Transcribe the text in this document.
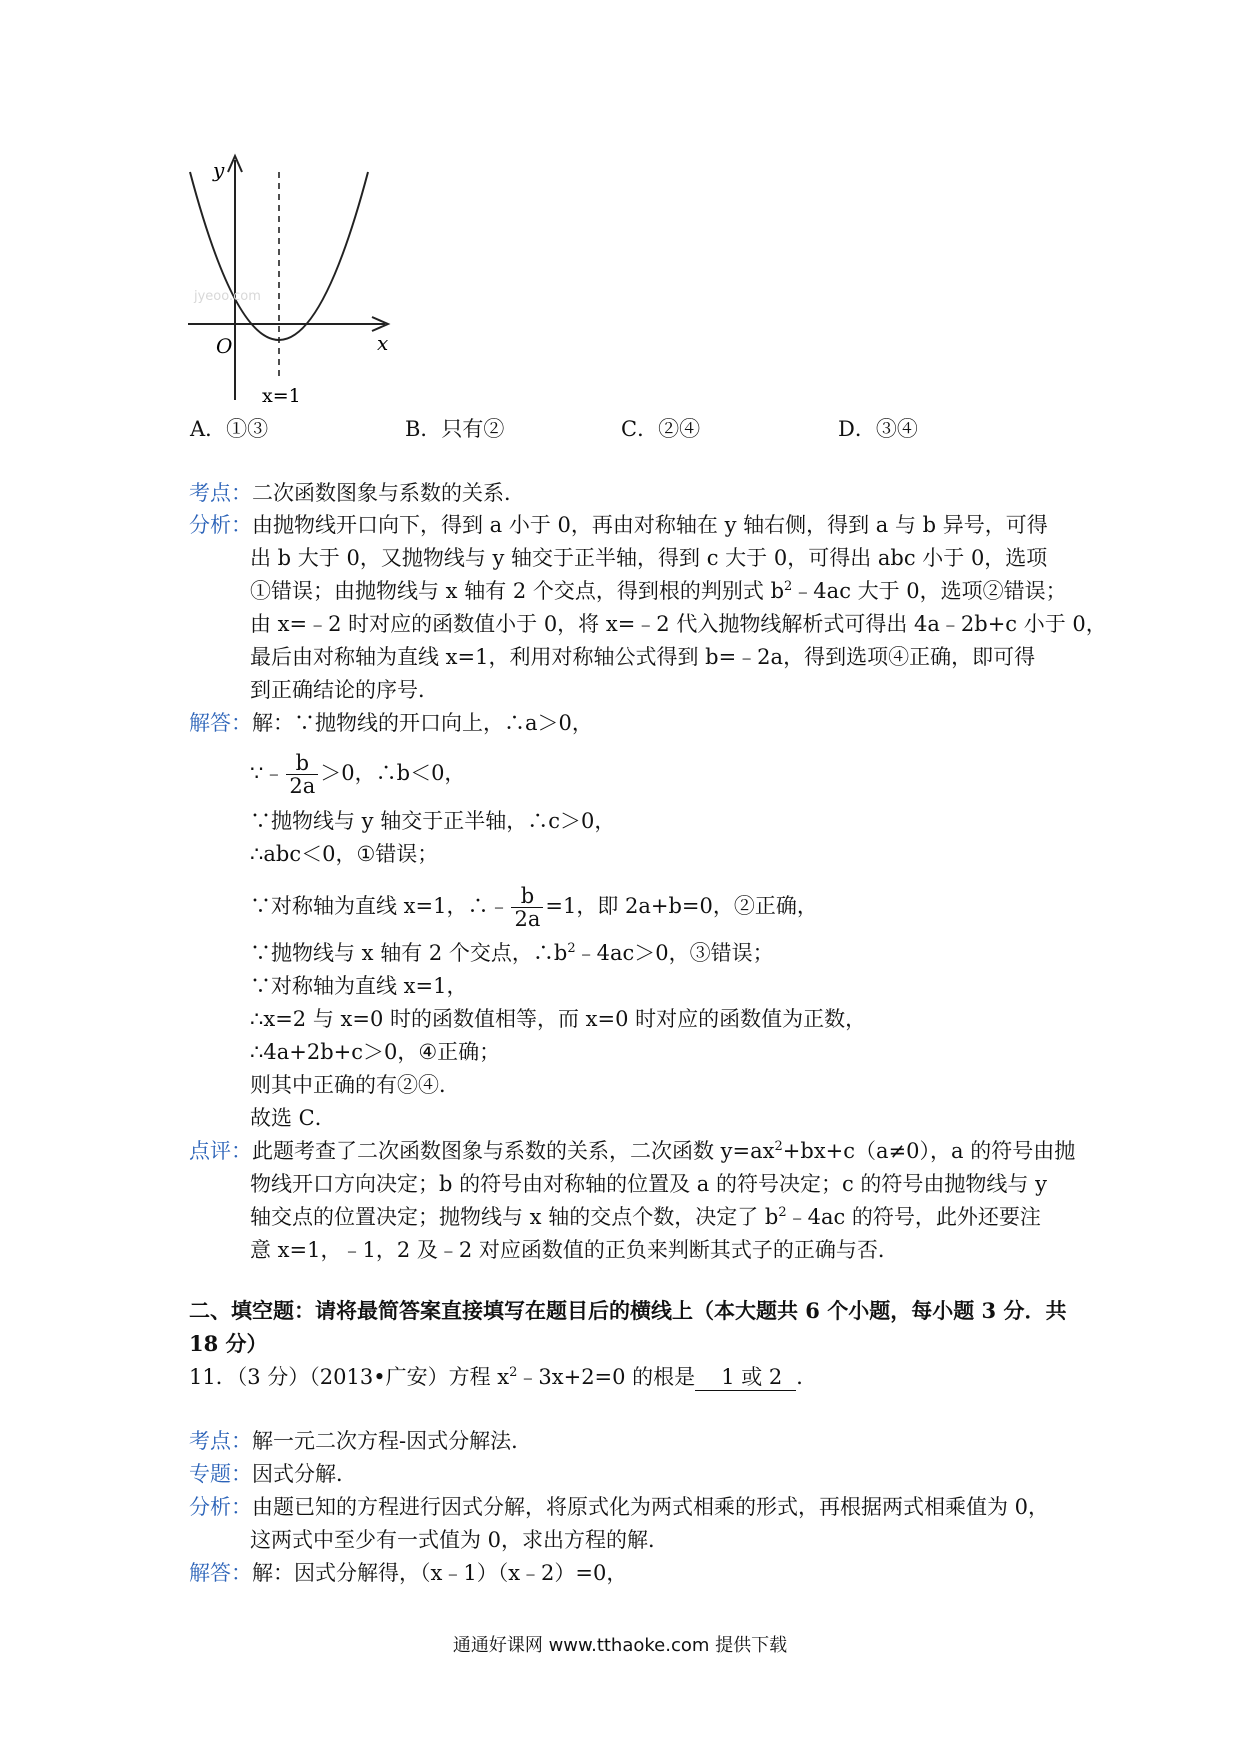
y
x
O
jyeoo.com
x=1
A．①③	B．只有②	C．②④	D．③④
考点：二次函数图象与系数的关系．
分析：由抛物线开口向下，得到 a 小于 0，再由对称轴在 y 轴右侧，得到 a 与 b 异号，可得
出 b 大于 0，又抛物线与 y 轴交于正半轴，得到 c 大于 0，可得出 abc 小于 0，选项
①错误；由抛物线与 x 轴有 2 个交点，得到根的判别式 $b^2﹣4ac$ 大于 0，选项②错误；
由 x=﹣2 时对应的函数值小于 0，将 x=﹣2 代入抛物线解析式可得出 4a﹣2b+c 小于 0，
最后由对称轴为直线 x=1，利用对称轴公式得到 b=﹣2a，得到选项④正确，即可得
到正确结论的序号．
解答：解：∵抛物线的开口向上，∴a＞0，
∵﹣ $\frac{b}{2a} >0$，∴b＜0，
∵抛物线与 y 轴交于正半轴，∴c＞0，
∴abc＜0，①错误；
∵对称轴为直线 x=1，∴﹣ $\frac{b}{2a} =1$，即 2a+b=0，②正确，
∵抛物线与 x 轴有 2 个交点，$\therefore b^2﹣4ac>0$，③错误；
∵对称轴为直线 x=1，
∴x=2 与 x=0 时的函数值相等，而 x=0 时对应的函数值为正数，
∴4a+2b+c＞0，④正确；
则其中正确的有②④．
故选 C．
点评：此题考查了二次函数图象与系数的关系，二次函数 $y=ax^2+bx+c(a\ne 0)$，a 的符号由抛
物线开口方向决定；b 的符号由对称轴的位置及 a 的符号决定；c 的符号由抛物线与 y
轴交点的位置决定；抛物线与 x 轴的交点个数，决定了 $b^2﹣4ac$ 的符号，此外还要注
意 x=1，﹣1，2 及﹣2 对应函数值的正负来判断其式子的正确与否．
二、填空题：请将最简答案直接填写在题目后的横线上（本大题共 6 个小题，每小题 3 分．共
18 分）
11．（3 分）（2013•广安）方程 $x^2﹣3x+2=0$ 的根是 1 或 2 ．
考点：解一元二次方程-因式分解法．
专题：因式分解．
分析：由题已知的方程进行因式分解，将原式化为两式相乘的形式，再根据两式相乘值为 0，
这两式中至少有一式值为 0，求出方程的解．
解答：解：因式分解得，（x﹣1）（x﹣2）=0，
通通好课网 www.tthaoke.com 提供下载
